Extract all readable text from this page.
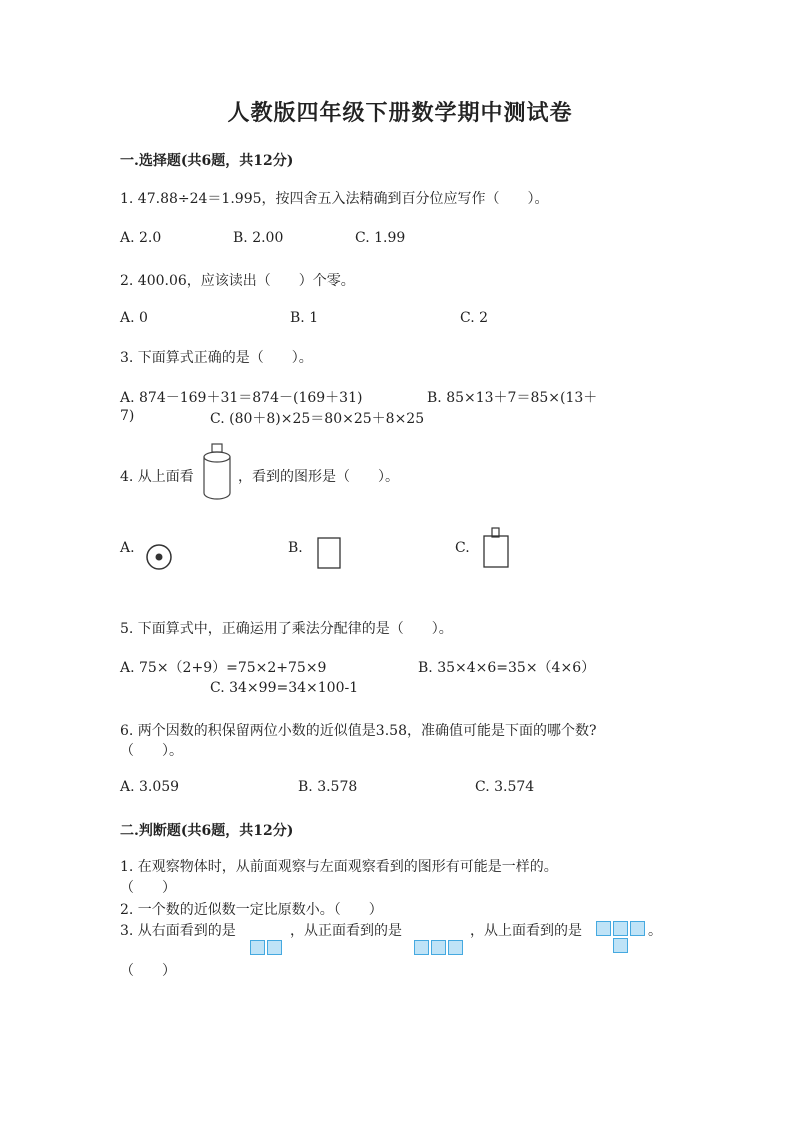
人教版四年级下册数学期中测试卷
一.选择题(共6题，共12分)
1. 47.88÷24＝1.995，按四舍五入法精确到百分位应写作（　　）。
A. 2.0	B. 2.00	C. 1.99
2. 400.06，应该读出（　　）个零。
A. 0	B. 1	C. 2
3. 下面算式正确的是（　　）。
A. 874－169＋31＝874－(169＋31)	B. 85×13＋7＝85×(13＋
7)	C. (80＋8)×25＝80×25＋8×25
4. 从上面看	，看到的图形是（　　）。
A.	B.	C.
5. 下面算式中，正确运用了乘法分配律的是（　　）。
A. 75×（2+9）=75×2+75×9	B. 35×4×6=35×（4×6）
C. 34×99=34×100-1
6. 两个因数的积保留两位小数的近似值是3.58，准确值可能是下面的哪个数?
（　　）。
A. 3.059	B. 3.578	C. 3.574
二.判断题(共6题，共12分)
1. 在观察物体时，从前面观察与左面观察看到的图形有可能是一样的。
（　　）
2. 一个数的近似数一定比原数小。（　　）
3. 从右面看到的是	，从正面看到的是	，从上面看到的是	。
（　　）
